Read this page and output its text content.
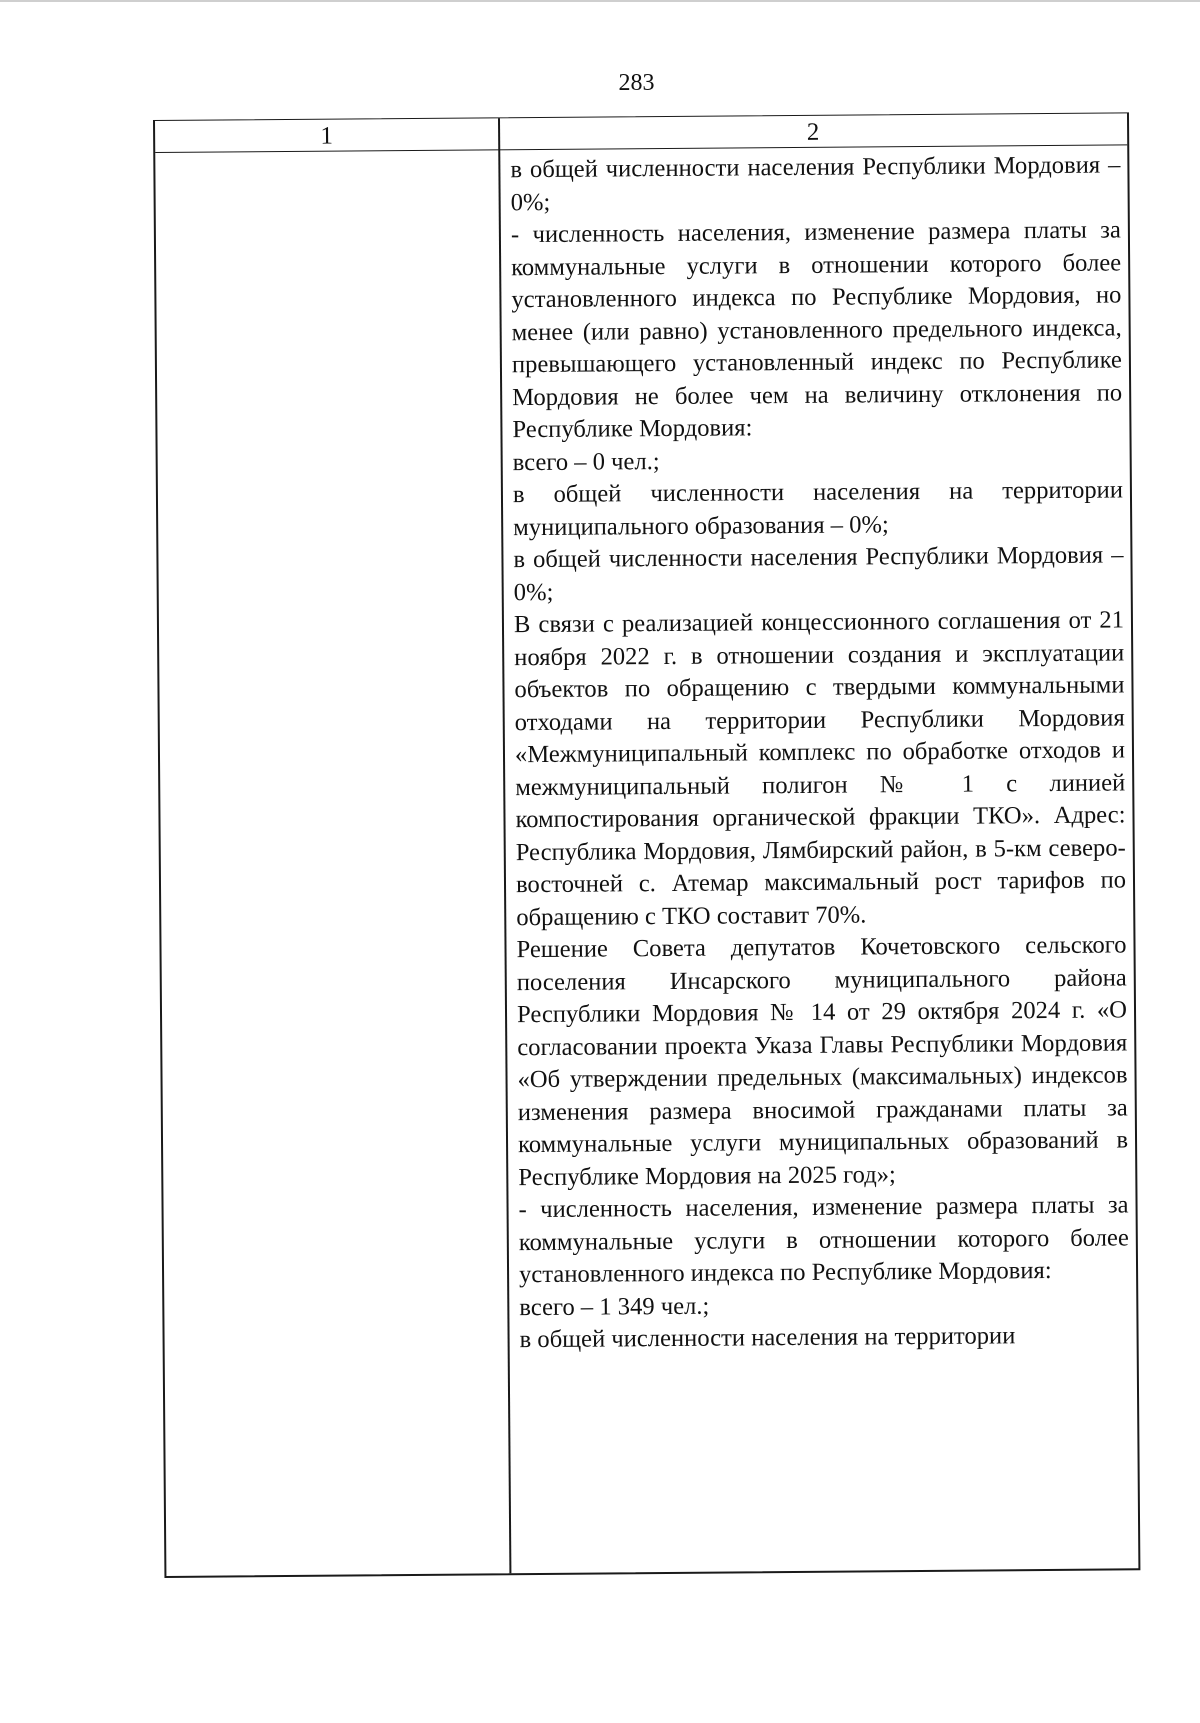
283
1	2

в общей численности населения Республики Мордовия – 0%;

- численность населения, изменение размера платы за коммунальные услуги в отношении которого более установленного индекса по Республике Мордовия, но менее (или равно) установленного предельного индекса, превышающего установленный индекс по Республике Мордовия не более чем на величину отклонения по Республике Мордовия:

всего – 0 чел.;

в общей численности населения на территории муниципального образования – 0%;

в общей численности населения Республики Мордовия – 0%;

В связи с реализацией концессионного соглашения от 21 ноября 2022 г. в отношении создания и эксплуатации объектов по обращению с твердыми коммунальными отходами на территории Республики Мордовия «Межмуниципальный комплекс по обработке отходов и межмуниципальный полигон № 1 с линией компостирования органической фракции ТКО». Адрес: Республика Мордовия, Лямбирский район, в 5-км северо-восточней с. Атемар максимальный рост тарифов по обращению с ТКО составит 70%.

Решение Совета депутатов Кочетовского сельского поселения Инсарского муниципального района Республики Мордовия № 14 от 29 октября 2024 г. «О согласовании проекта Указа Главы Республики Мордовия «Об утверждении предельных (максимальных) индексов изменения размера вносимой гражданами платы за коммунальные услуги муниципальных образований в Республике Мордовия на 2025 год»;

- численность населения, изменение размера платы за коммунальные услуги в отношении которого более установленного индекса по Республике Мордовия:

всего – 1 349 чел.;

в общей численности населения на территории
